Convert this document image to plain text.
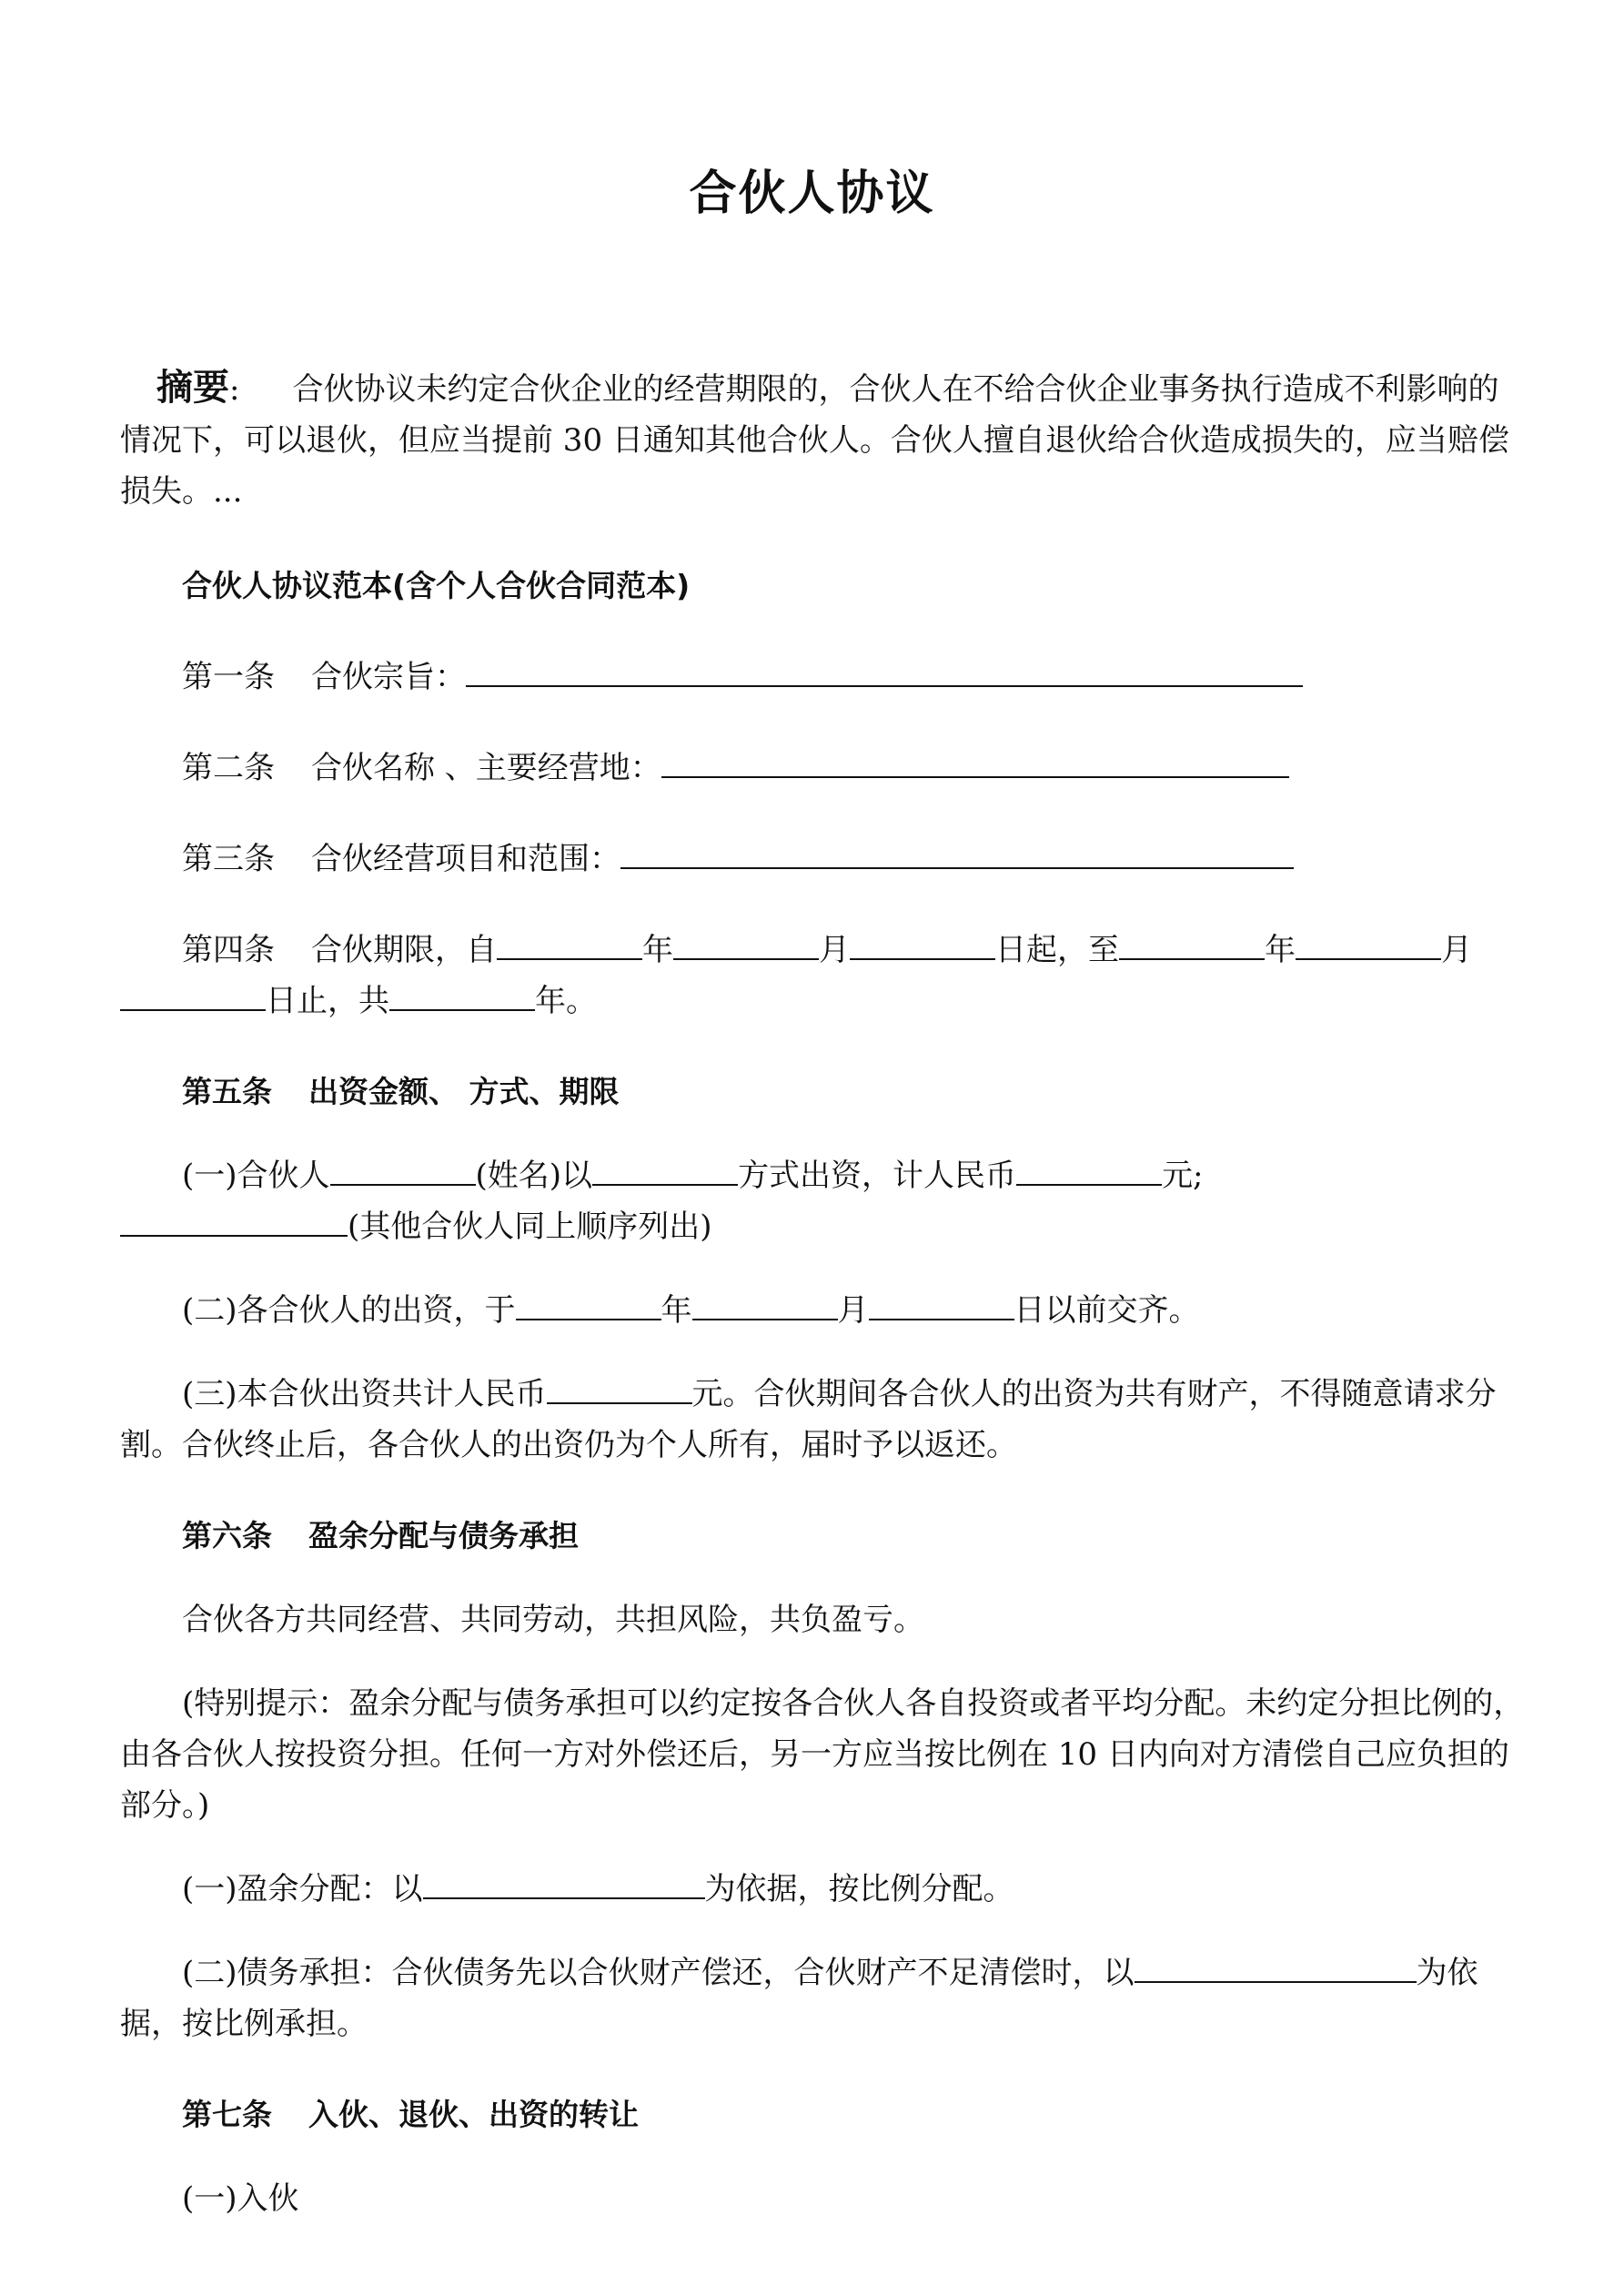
合伙人协议

摘要: 合伙协议未约定合伙企业的经营期限的，合伙人在不给合伙企业事务执行造成不利影响的情况下，可以退伙，但应当提前 30 日通知其他合伙人。合伙人擅自退伙给合伙造成损失的，应当赔偿损失。...

合伙人协议范本(含个人合伙合同范本)

第一条 合伙宗旨：

第二条 合伙名称 、主要经营地：

第三条 合伙经营项目和范围：

第四条 合伙期限，自	年	月	日起，至	年	月日止，共	年。

第五条 出资金额、 方式、期限

(一)合伙人	(姓名)以	方式出资，计人民币	元;(其他合伙人同上顺序列出)

(二)各合伙人的出资，于	年	月	日以前交齐。

(三)本合伙出资共计人民币	元。合伙期间各合伙人的出资为共有财产，不得随意请求分割。合伙终止后，各合伙人的出资仍为个人所有，届时予以返还。

第六条 盈余分配与债务承担

合伙各方共同经营、共同劳动，共担风险，共负盈亏。

(特别提示：盈余分配与债务承担可以约定按各合伙人各自投资或者平均分配。未约定分担比例的，由各合伙人按投资分担。任何一方对外偿还后，另一方应当按比例在 10 日内向对方清偿自己应负担的部分。)

(一)盈余分配：以	为依据，按比例分配。

(二)债务承担：合伙债务先以合伙财产偿还，合伙财产不足清偿时，以	为依据，按比例承担。

第七条 入伙、退伙、出资的转让

(一)入伙
